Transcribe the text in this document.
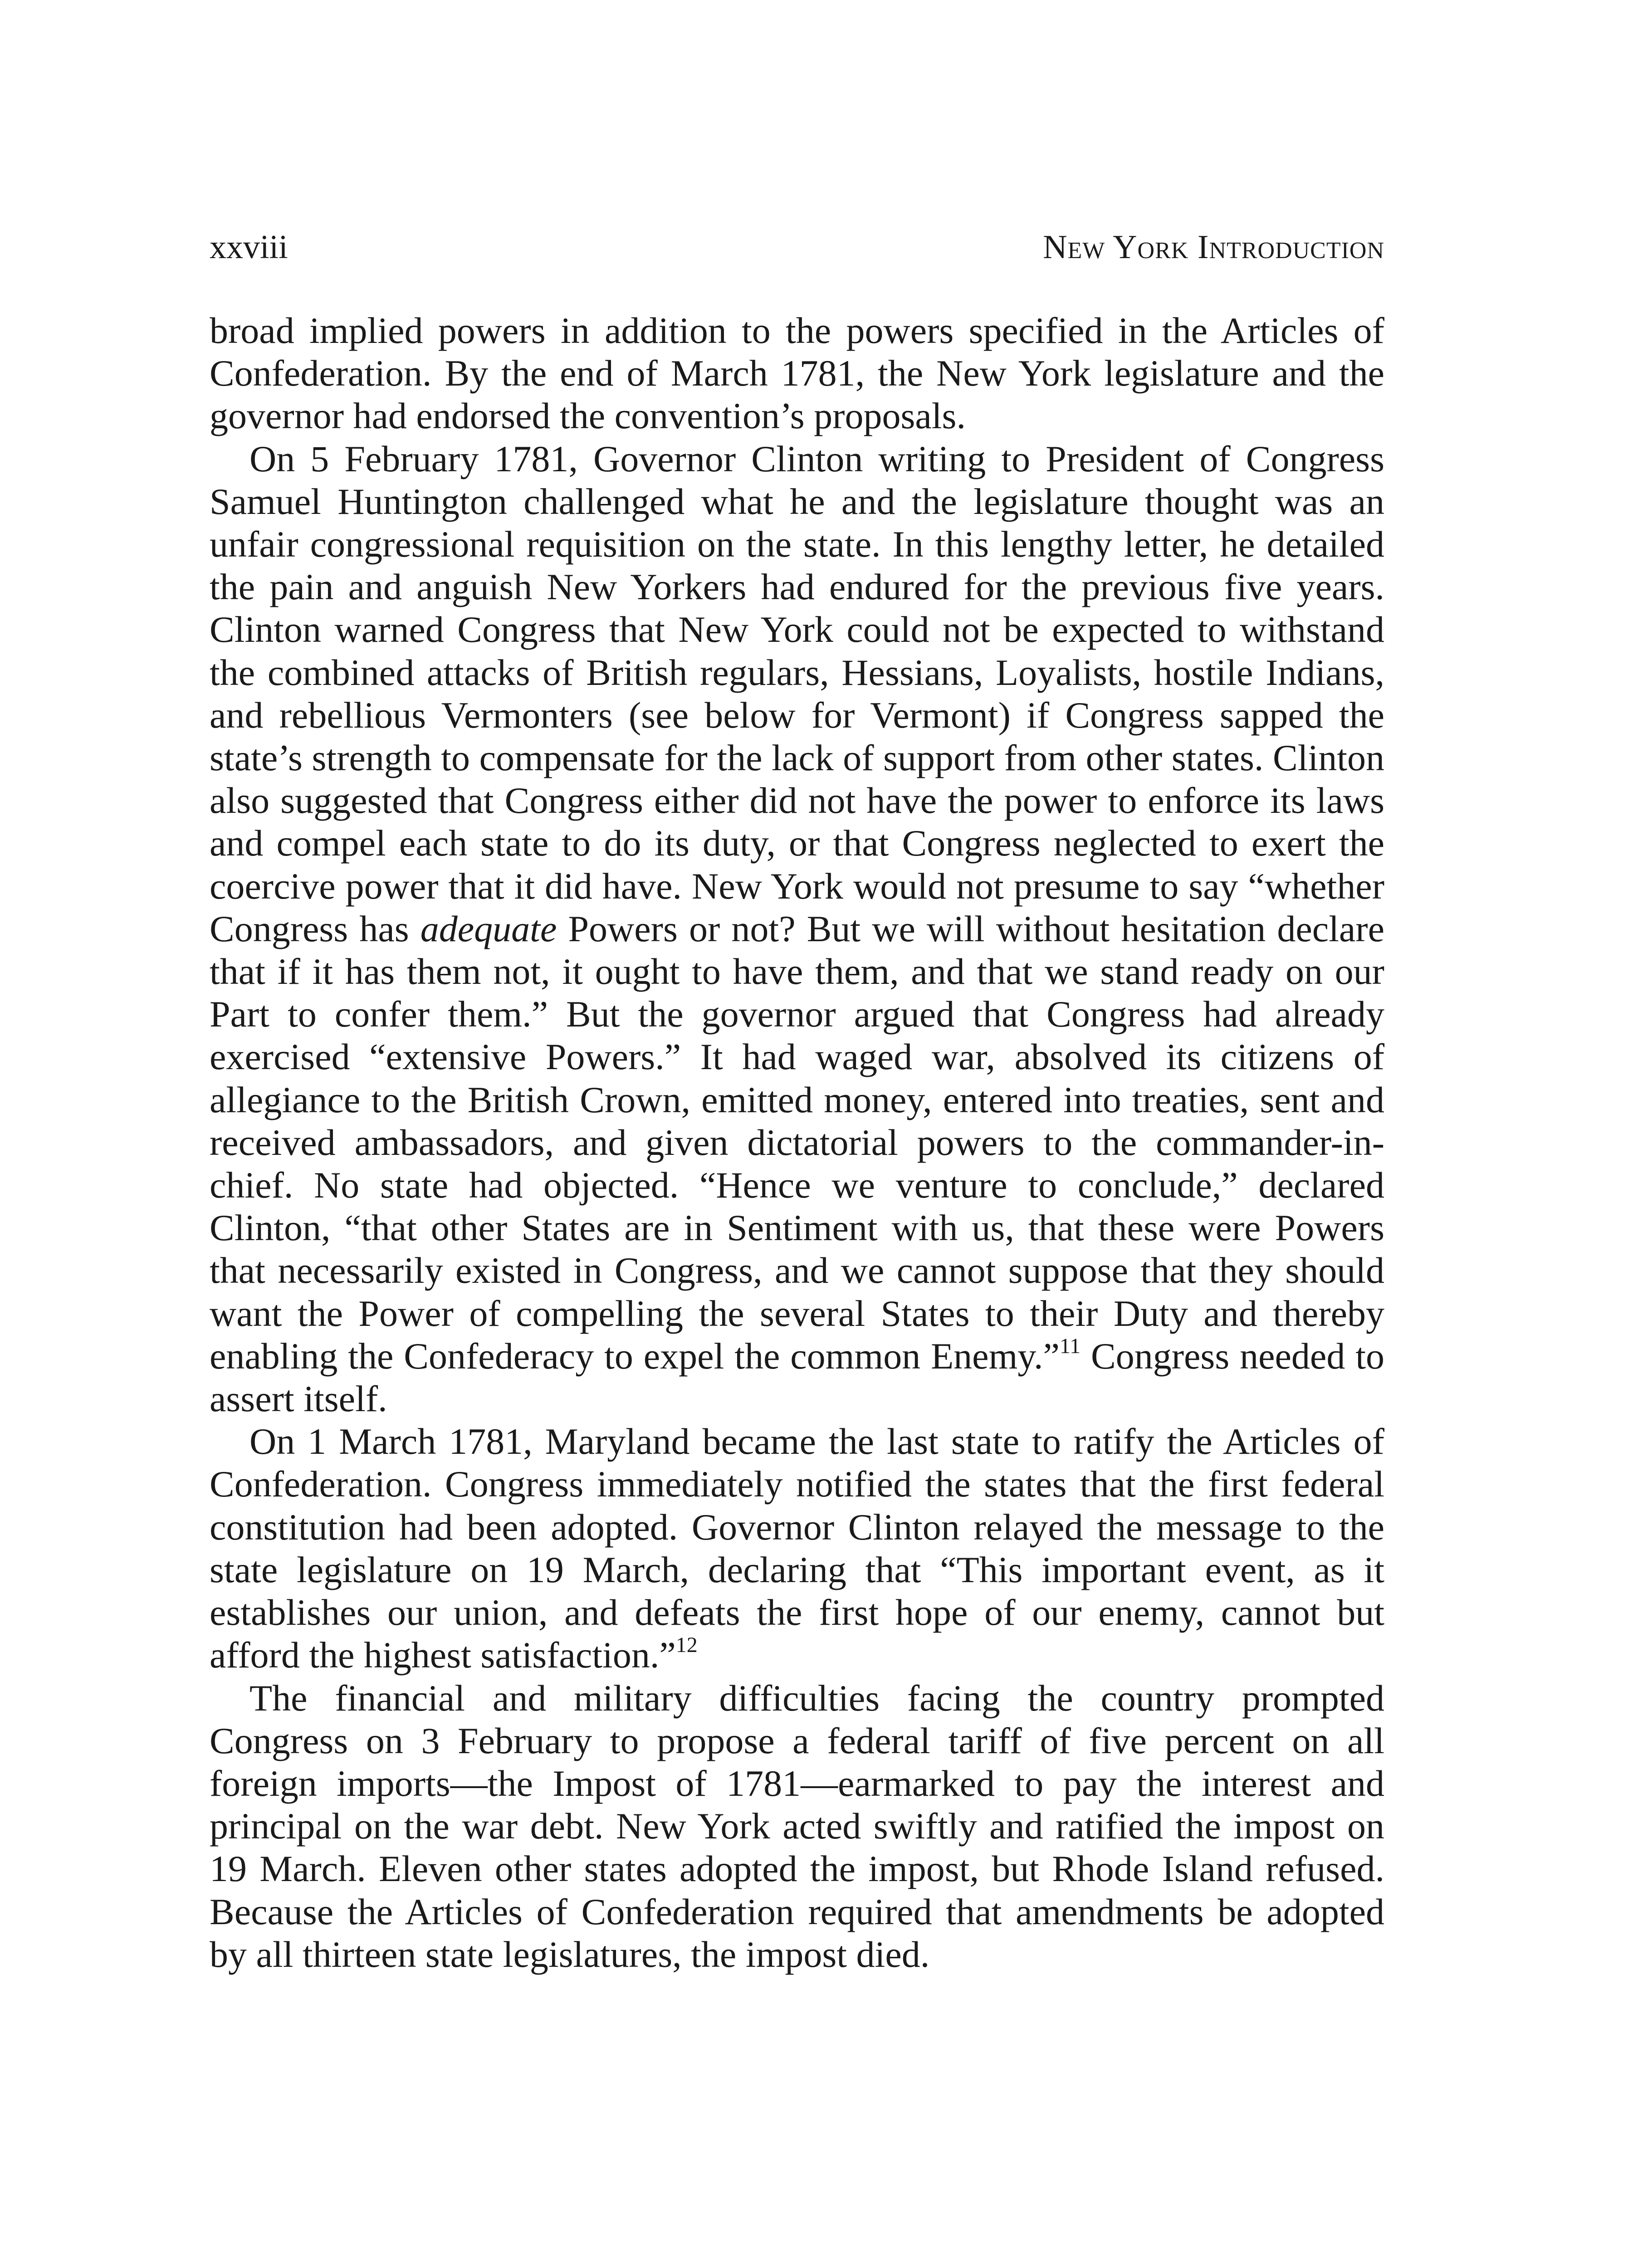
xxviii	New York Introduction

broad implied powers in addition to the powers specified in the Articles of Confederation. By the end of March 1781, the New York legislature and the governor had endorsed the convention’s proposals.

On 5 February 1781, Governor Clinton writing to President of Congress Samuel Huntington challenged what he and the legislature thought was an unfair congressional requisition on the state. In this lengthy letter, he detailed the pain and anguish New Yorkers had endured for the previous five years. Clinton warned Congress that New York could not be expected to withstand the combined attacks of British regulars, Hessians, Loyalists, hostile Indians, and rebellious Vermonters (see below for Vermont) if Congress sapped the state’s strength to compensate for the lack of support from other states. Clinton also suggested that Congress either did not have the power to enforce its laws and compel each state to do its duty, or that Congress neglected to exert the coercive power that it did have. New York would not presume to say “whether Congress has adequate Powers or not? But we will without hesitation declare that if it has them not, it ought to have them, and that we stand ready on our Part to confer them.” But the governor argued that Congress had already exercised “extensive Powers.” It had waged war, absolved its citizens of allegiance to the British Crown, emitted money, entered into treaties, sent and received ambassadors, and given dictatorial powers to the commander-in-chief. No state had objected. “Hence we venture to conclude,” declared Clinton, “that other States are in Sentiment with us, that these were Powers that necessarily existed in Congress, and we cannot suppose that they should want the Power of compelling the several States to their Duty and thereby enabling the Confederacy to expel the common Enemy.”$^{11}$ Congress needed to assert itself.

On 1 March 1781, Maryland became the last state to ratify the Articles of Confederation. Congress immediately notified the states that the first federal constitution had been adopted. Governor Clinton relayed the message to the state legislature on 19 March, declaring that “This important event, as it establishes our union, and defeats the first hope of our enemy, cannot but afford the highest satisfaction.”$^{12}$

The financial and military difficulties facing the country prompted Congress on 3 February to propose a federal tariff of five percent on all foreign imports—the Impost of 1781—earmarked to pay the interest and principal on the war debt. New York acted swiftly and ratified the impost on 19 March. Eleven other states adopted the impost, but Rhode Island refused. Because the Articles of Confederation required that amendments be adopted by all thirteen state legislatures, the impost died.
